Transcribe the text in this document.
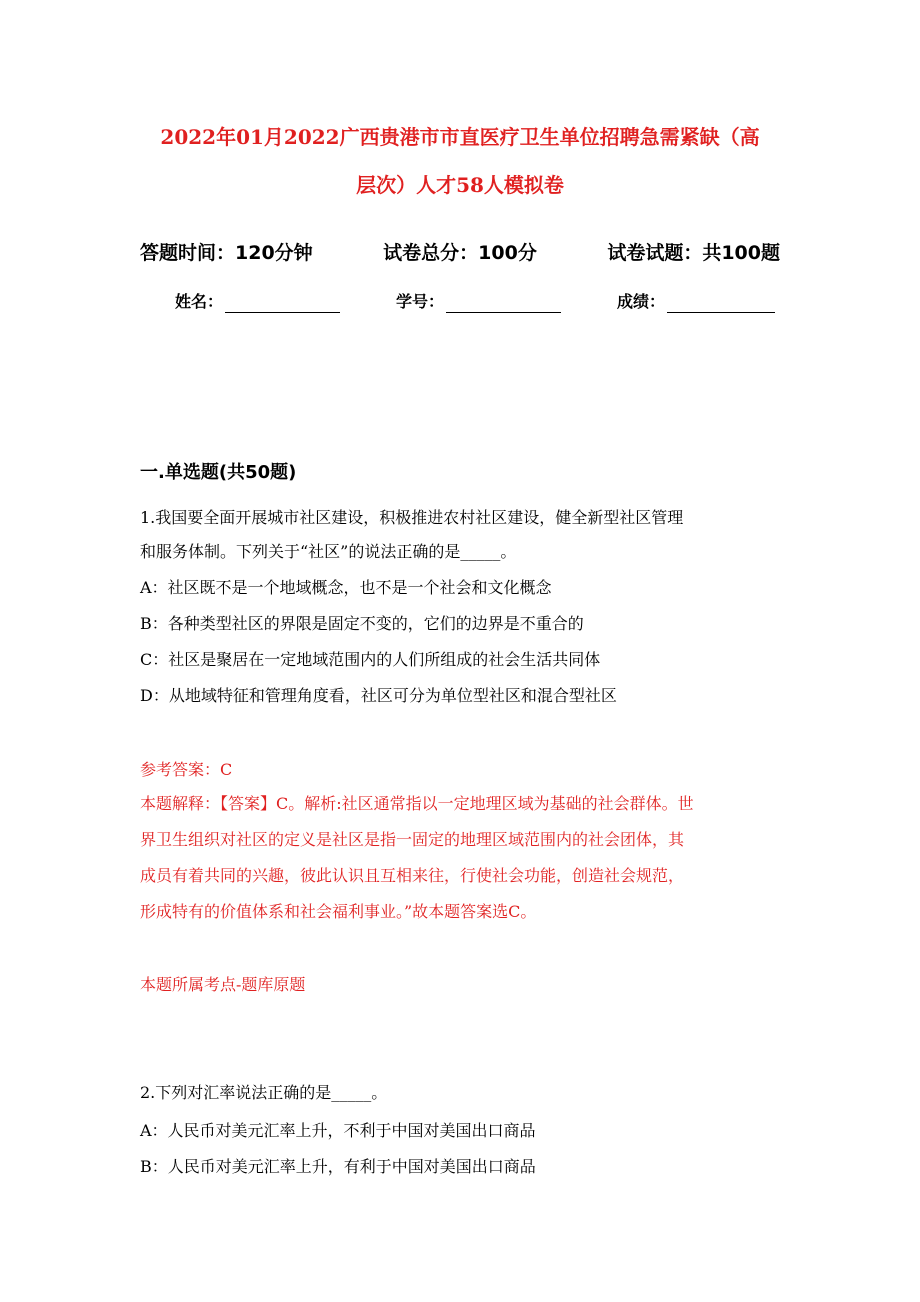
2022年01月2022广西贵港市市直医疗卫生单位招聘急需紧缺（高
层次）人才58人模拟卷
答题时间：120分钟	试卷总分：100分	试卷试题：共100题
姓名：	学号：	成绩：
一.单选题(共50题)
1.我国要全面开展城市社区建设，积极推进农村社区建设，健全新型社区管理
和服务体制。下列关于“社区”的说法正确的是_____。
A：社区既不是一个地域概念，也不是一个社会和文化概念
B：各种类型社区的界限是固定不变的，它们的边界是不重合的
C：社区是聚居在一定地域范围内的人们所组成的社会生活共同体
D：从地域特征和管理角度看，社区可分为单位型社区和混合型社区
参考答案：C
本题解释：【答案】C。解析:社区通常指以一定地理区域为基础的社会群体。世
界卫生组织对社区的定义是社区是指一固定的地理区域范围内的社会团体，其
成员有着共同的兴趣，彼此认识且互相来往，行使社会功能，创造社会规范，
形成特有的价值体系和社会福利事业。”故本题答案选C。
本题所属考点-题库原题
2.下列对汇率说法正确的是_____。
A：人民币对美元汇率上升，不利于中国对美国出口商品
B：人民币对美元汇率上升，有利于中国对美国出口商品
